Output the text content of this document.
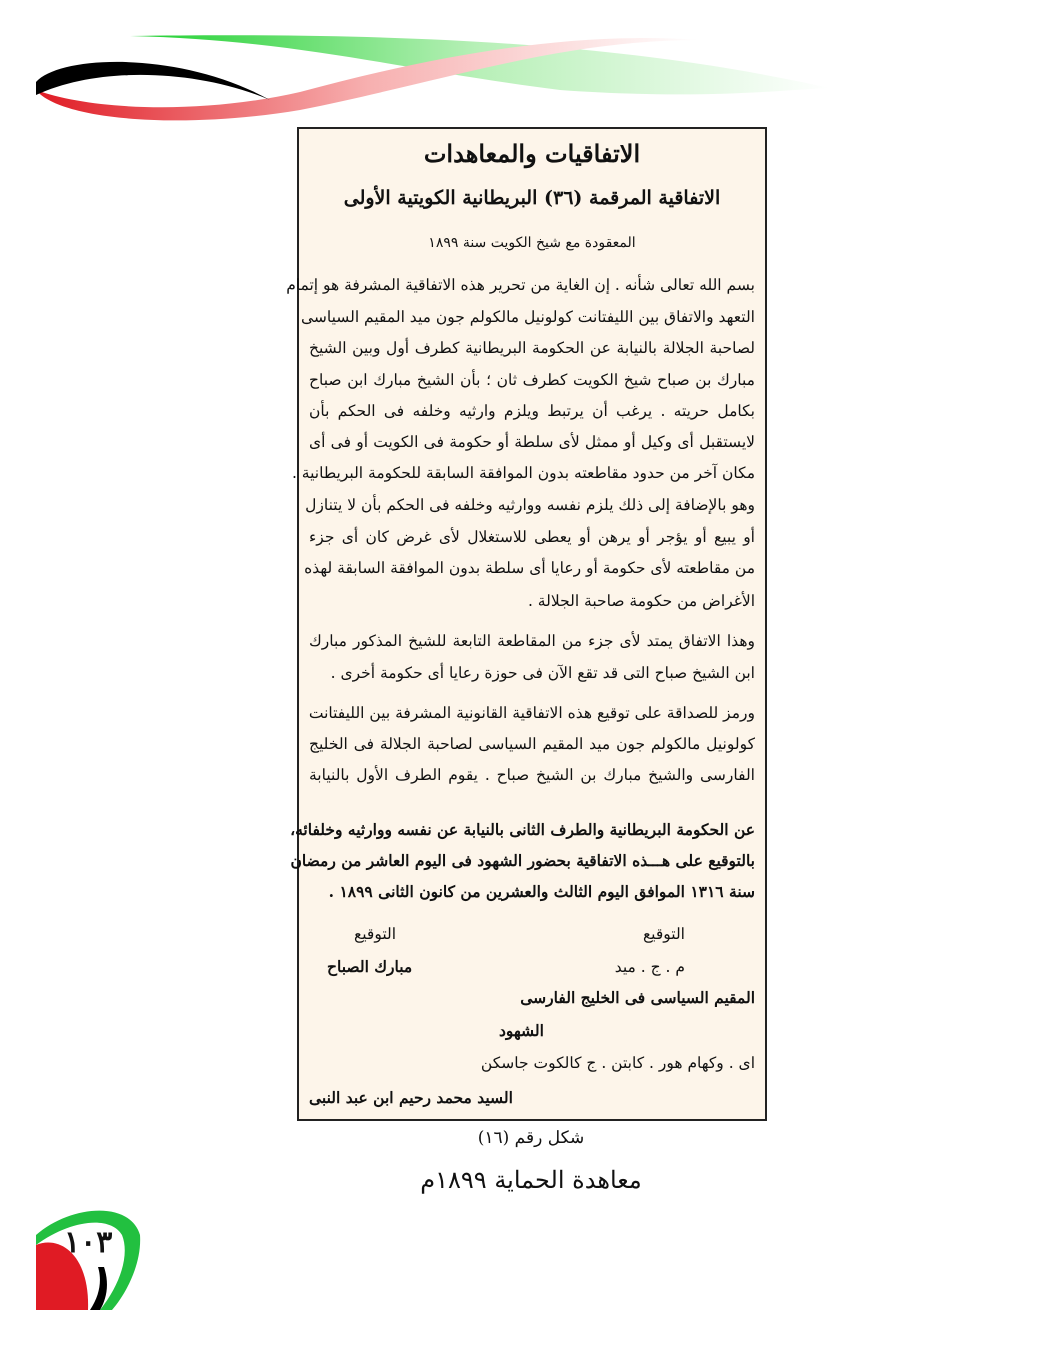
الاتفاقيات والمعاهدات
الاتفاقية المرقمة (٣٦) البريطانية الكويتية الأولى
المعقودة مع شيخ الكويت سنة ١٨٩٩
بسم الله تعالى شأنه . إن الغاية من تحرير هذه الاتفاقية المشرفة هو إتمام
التعهد والاتفاق بين الليفتانت كولونيل مالكولم جون ميد المقيم السياسى
لصاحبة الجلالة بالنيابة عن الحكومة البريطانية كطرف أول وبين الشيخ
مبارك بن صباح شيخ الكويت كطرف ثان ؛ بأن الشيخ مبارك ابن صباح
بكامل حريته . يرغب أن يرتبط ويلزم وارثيه وخلفه فى الحكم بأن
لايستقبل أى وكيل أو ممثل لأى سلطة أو حكومة فى الكويت أو فى أى
مكان آخر من حدود مقاطعته بدون الموافقة السابقة للحكومة البريطانية .
وهو بالإضافة إلى ذلك يلزم نفسه ووارثيه وخلفه فى الحكم بأن لا يتنازل
أو يبيع أو يؤجر أو يرهن أو يعطى للاستغلال لأى غرض كان أى جزء
من مقاطعته لأى حكومة أو رعايا أى سلطة بدون الموافقة السابقة لهذه
الأغراض من حكومة صاحبة الجلالة .
وهذا الاتفاق يمتد لأى جزء من المقاطعة التابعة للشيخ المذكور مبارك
ابن الشيخ صباح التى قد تقع الآن فى حوزة رعايا أى حكومة أخرى .
ورمز للصداقة على توقيع هذه الاتفاقية القانونية المشرفة بين الليفتانت
كولونيل مالكولم جون ميد المقيم السياسى لصاحبة الجلالة فى الخليج
الفارسى والشيخ مبارك بن الشيخ صباح . يقوم الطرف الأول بالنيابة
عن الحكومة البريطانية والطرف الثانى بالنيابة عن نفسه ووارثيه وخلفائه،
بالتوقيع على هـــذه الاتفاقية بحضور الشهود فى اليوم العاشر من رمضان
سنة ١٣١٦ الموافق اليوم الثالث والعشرين من كانون الثانى ١٨٩٩ .
التوقيع
التوقيع
م . ج . ميد
مبارك الصباح
المقيم السياسى فى الخليج الفارسى
الشهود
اى . وكهام هور . كابتن . ج كالكوت جاسكن
السيد محمد رحيم ابن عبد النبى
شكل رقم (١٦)
معاهدة الحماية ١٨٩٩م
١٠٣
